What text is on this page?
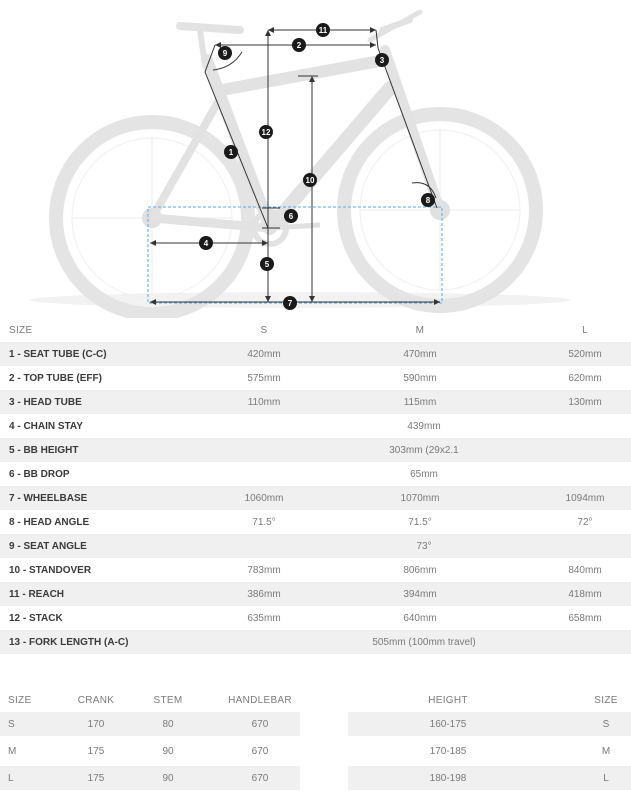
1
2
3
4
5
6
7
8
9
10
11
12
SIZE	S	M	L
1 - SEAT TUBE (C-C)	420mm	470mm	520mm
2 - TOP TUBE (EFF)	575mm	590mm	620mm
3 - HEAD TUBE	110mm	115mm	130mm
4 - CHAIN STAY	439mm
5 - BB HEIGHT	303mm (29x2.1
6 - BB DROP	65mm
7 - WHEELBASE	1060mm	1070mm	1094mm
8 - HEAD ANGLE	71.5°	71.5°	72°
9 - SEAT ANGLE	73°
10 - STANDOVER	783mm	806mm	840mm
11 - REACH	386mm	394mm	418mm
12 - STACK	635mm	640mm	658mm
13 - FORK LENGTH (A-C)	505mm (100mm travel)
SIZE	CRANK	STEM	HANDLEBAR
S	170	80	670
M	175	90	670
L	175	90	670
HEIGHT	SIZE
160-175	S
170-185	M
180-198	L
